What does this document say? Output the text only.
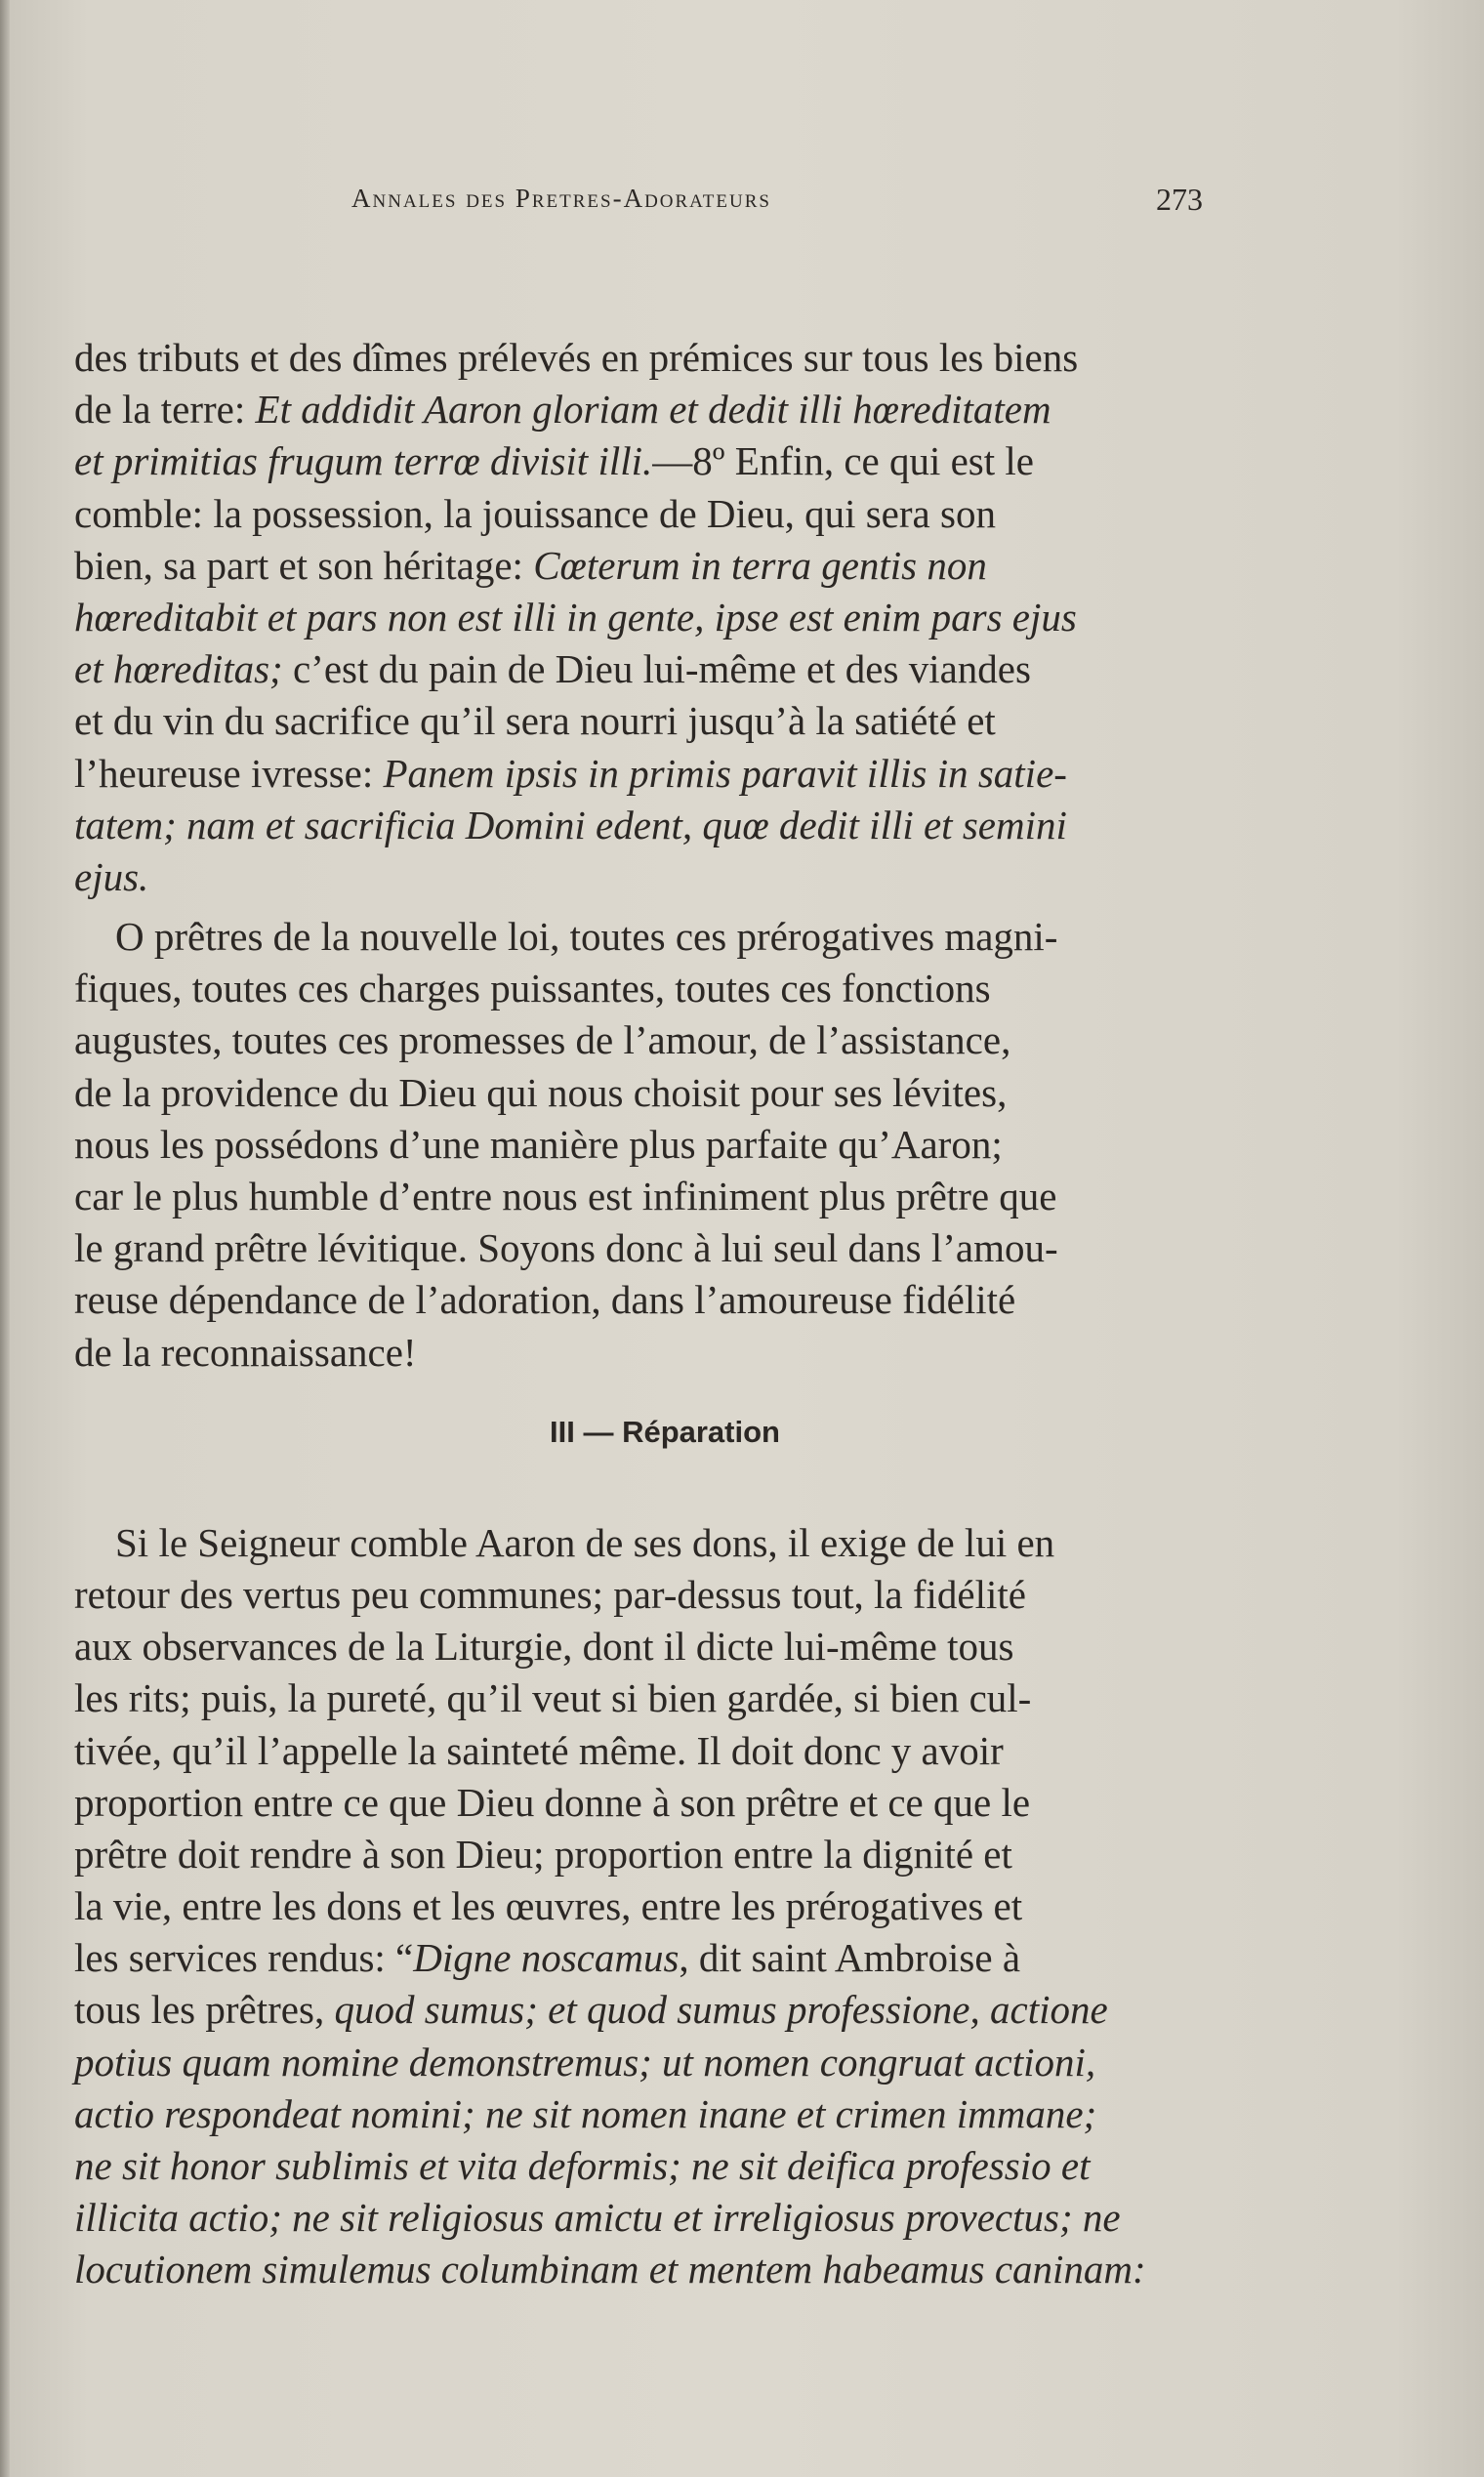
Annales des Pretres-Adorateurs	273
des tributs et des dîmes prélevés en prémices sur tous les biens
de la terre: Et addidit Aaron gloriam et dedit illi hœreditatem
et primitias frugum terrœ divisit illi.—8º Enfin, ce qui est le
comble: la possession, la jouissance de Dieu, qui sera son
bien, sa part et son héritage: Cœterum in terra gentis non
hœreditabit et pars non est illi in gente, ipse est enim pars ejus
et hœreditas; c’est du pain de Dieu lui-même et des viandes
et du vin du sacrifice qu’il sera nourri jusqu’à la satiété et
l’heureuse ivresse: Panem ipsis in primis paravit illis in satie-
tatem; nam et sacrificia Domini edent, quœ dedit illi et semini
ejus.
O prêtres de la nouvelle loi, toutes ces prérogatives magni-
fiques, toutes ces charges puissantes, toutes ces fonctions
augustes, toutes ces promesses de l’amour, de l’assistance,
de la providence du Dieu qui nous choisit pour ses lévites,
nous les possédons d’une manière plus parfaite qu’Aaron;
car le plus humble d’entre nous est infiniment plus prêtre que
le grand prêtre lévitique. Soyons donc à lui seul dans l’amou-
reuse dépendance de l’adoration, dans l’amoureuse fidélité
de la reconnaissance!
III — Réparation
Si le Seigneur comble Aaron de ses dons, il exige de lui en
retour des vertus peu communes; par-dessus tout, la fidélité
aux observances de la Liturgie, dont il dicte lui-même tous
les rits; puis, la pureté, qu’il veut si bien gardée, si bien cul-
tivée, qu’il l’appelle la sainteté même. Il doit donc y avoir
proportion entre ce que Dieu donne à son prêtre et ce que le
prêtre doit rendre à son Dieu; proportion entre la dignité et
la vie, entre les dons et les œuvres, entre les prérogatives et
les services rendus: “Digne noscamus, dit saint Ambroise à
tous les prêtres, quod sumus; et quod sumus professione, actione
potius quam nomine demonstremus; ut nomen congruat actioni,
actio respondeat nomini; ne sit nomen inane et crimen immane;
ne sit honor sublimis et vita deformis; ne sit deifica professio et
illicita actio; ne sit religiosus amictu et irreligiosus provectus; ne
locutionem simulemus columbinam et mentem habeamus caninam:
